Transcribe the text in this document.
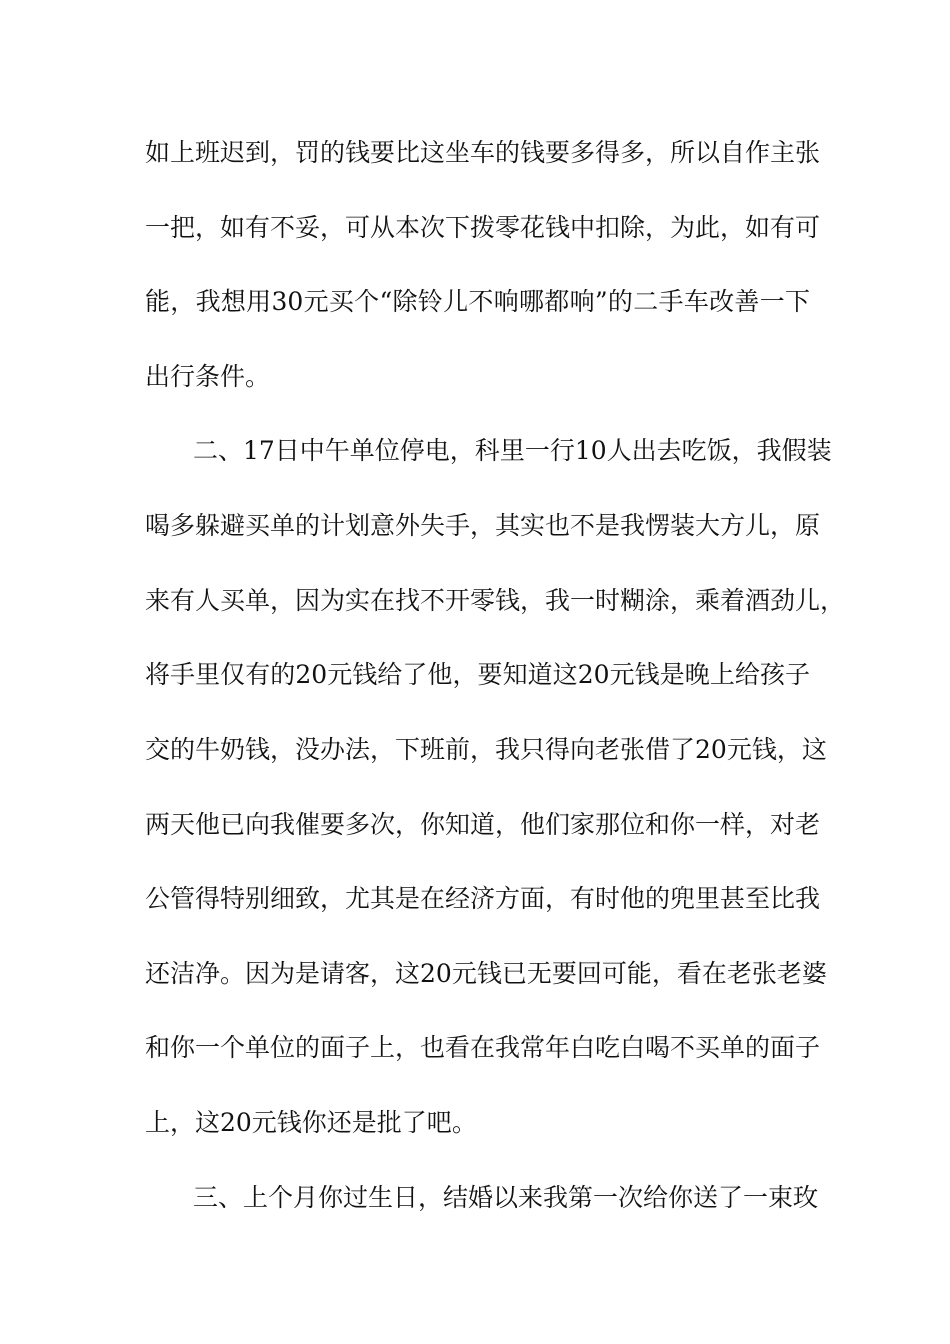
如上班迟到，罚的钱要比这坐车的钱要多得多，所以自作主张
一把，如有不妥，可从本次下拨零花钱中扣除，为此，如有可
能，我想用30元买个“除铃儿不响哪都响”的二手车改善一下
出行条件。
二、17日中午单位停电，科里一行10人出去吃饭，我假装
喝多躲避买单的计划意外失手，其实也不是我愣装大方儿，原
来有人买单，因为实在找不开零钱，我一时糊涂，乘着酒劲儿，
将手里仅有的20元钱给了他，要知道这20元钱是晚上给孩子
交的牛奶钱，没办法，下班前，我只得向老张借了20元钱，这
两天他已向我催要多次，你知道，他们家那位和你一样，对老
公管得特别细致，尤其是在经济方面，有时他的兜里甚至比我
还洁净。因为是请客，这20元钱已无要回可能，看在老张老婆
和你一个单位的面子上，也看在我常年白吃白喝不买单的面子
上，这20元钱你还是批了吧。
三、上个月你过生日，结婚以来我第一次给你送了一束玫
